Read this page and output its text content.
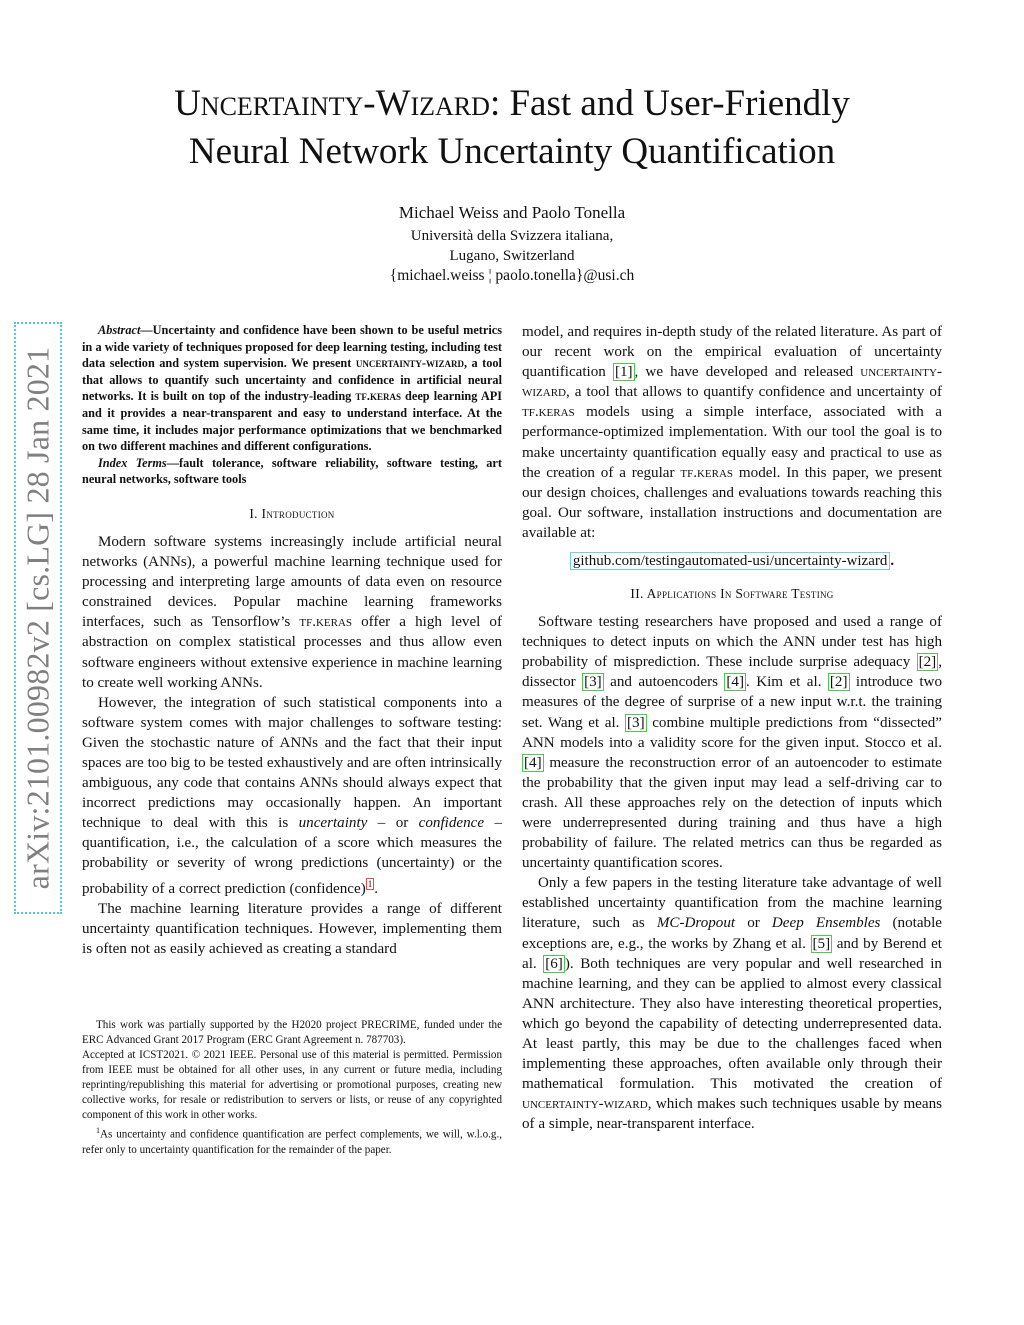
arXiv:2101.00982v2 [cs.LG] 28 Jan 2021
Uncertainty-Wizard: Fast and User-Friendly
Neural Network Uncertainty Quantification
Michael Weiss and Paolo Tonella
Università della Svizzera italiana,
Lugano, Switzerland
{michael.weiss ¦ paolo.tonella}@usi.ch

Abstract—Uncertainty and confidence have been shown to be useful metrics in a wide variety of techniques proposed for deep learning testing, including test data selection and system supervision. We present uncertainty-wizard, a tool that allows to quantify such uncertainty and confidence in artificial neural networks. It is built on top of the industry-leading tf.keras deep learning API and it provides a near-transparent and easy to understand interface. At the same time, it includes major performance optimizations that we benchmarked on two different machines and different configurations.

Index Terms—fault tolerance, software reliability, software testing, art neural networks, software tools

I. Introduction

Modern software systems increasingly include artificial neural networks (ANNs), a powerful machine learning technique used for processing and interpreting large amounts of data even on resource constrained devices. Popular machine learning frameworks interfaces, such as Tensorflow’s tf.keras offer a high level of abstraction on complex statistical processes and thus allow even software engineers without extensive experience in machine learning to create well working ANNs.

However, the integration of such statistical components into a software system comes with major challenges to software testing: Given the stochastic nature of ANNs and the fact that their input spaces are too big to be tested exhaustively and are often intrinsically ambiguous, any code that contains ANNs should always expect that incorrect predictions may occasionally happen. An important technique to deal with this is uncertainty – or confidence – quantification, i.e., the calculation of a score which measures the probability or severity of wrong predictions (uncertainty) or the probability of a correct prediction (confidence) $^1$ .

The machine learning literature provides a range of different uncertainty quantification techniques. However, implementing them is often not as easily achieved as creating a standard

This work was partially supported by the H2020 project PRECRIME, funded under the ERC Advanced Grant 2017 Program (ERC Grant Agreement n. 787703).

Accepted at ICST2021. © 2021 IEEE. Personal use of this material is permitted. Permission from IEEE must be obtained for all other uses, in any current or future media, including reprinting/republishing this material for advertising or promotional purposes, creating new collective works, for resale or redistribution to servers or lists, or reuse of any copyrighted component of this work in other works.

$^1$As uncertainty and confidence quantification are perfect complements, we will, w.l.o.g., refer only to uncertainty quantification for the remainder of the paper.

model, and requires in-depth study of the related literature. As part of our recent work on the empirical evaluation of uncertainty quantification [1] , we have developed and released uncertainty-wizard, a tool that allows to quantify confidence and uncertainty of tf.keras models using a simple interface, associated with a performance-optimized implementation. With our tool the goal is to make uncertainty quantification equally easy and practical to use as the creation of a regular tf.keras model. In this paper, we present our design choices, challenges and evaluations towards reaching this goal. Our software, installation instructions and documentation are available at:

github.com/testingautomated-usi/uncertainty-wizard .

II. Applications In Software Testing

Software testing researchers have proposed and used a range of techniques to detect inputs on which the ANN under test has high probability of misprediction. These include surprise adequacy [2] , dissector [3] and autoencoders [4] . Kim et al. [2] introduce two measures of the degree of surprise of a new input w.r.t. the training set. Wang et al. [3] combine multiple predictions from “dissected” ANN models into a validity score for the given input. Stocco et al. [4] measure the reconstruction error of an autoencoder to estimate the probability that the given input may lead a self-driving car to crash. All these approaches rely on the detection of inputs which were underrepresented during training and thus have a high probability of failure. The related metrics can thus be regarded as uncertainty quantification scores.

Only a few papers in the testing literature take advantage of well established uncertainty quantification from the machine learning literature, such as MC-Dropout or Deep Ensembles (notable exceptions are, e.g., the works by Zhang et al. [5] and by Berend et al. [6] ). Both techniques are very popular and well researched in machine learning, and they can be applied to almost every classical ANN architecture. They also have interesting theoretical properties, which go beyond the capability of detecting underrepresented data. At least partly, this may be due to the challenges faced when implementing these approaches, often available only through their mathematical formulation. This motivated the creation of uncertainty-wizard, which makes such techniques usable by means of a simple, near-transparent interface.
